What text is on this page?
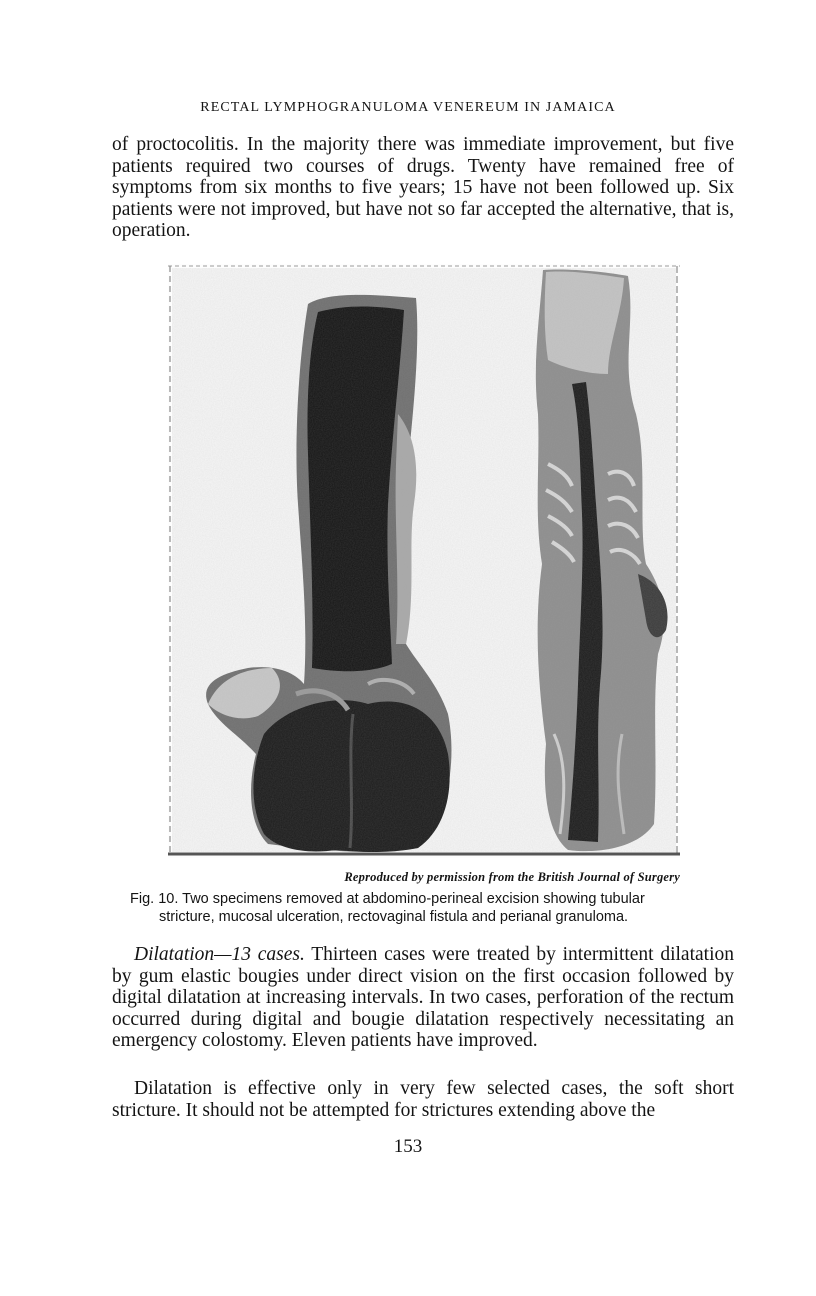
RECTAL LYMPHOGRANULOMA VENEREUM IN JAMAICA

of proctocolitis. In the majority there was immediate improvement, but five patients required two courses of drugs. Twenty have remained free of symptoms from six months to five years; 15 have not been followed up. Six patients were not improved, but have not so far accepted the alternative, that is, operation.

Reproduced by permission from the British Journal of Surgery

Fig. 10. Two specimens removed at abdomino-perineal excision showing tubular
stricture, mucosal ulceration, rectovaginal fistula and perianal granuloma.

Dilatation—13 cases. Thirteen cases were treated by intermittent dilatation by gum elastic bougies under direct vision on the first occasion followed by digital dilatation at increasing intervals. In two cases, perforation of the rectum occurred during digital and bougie dilatation respectively necessitating an emergency colostomy. Eleven patients have improved.

Dilatation is effective only in very few selected cases, the soft short stricture. It should not be attempted for strictures extending above the

153
